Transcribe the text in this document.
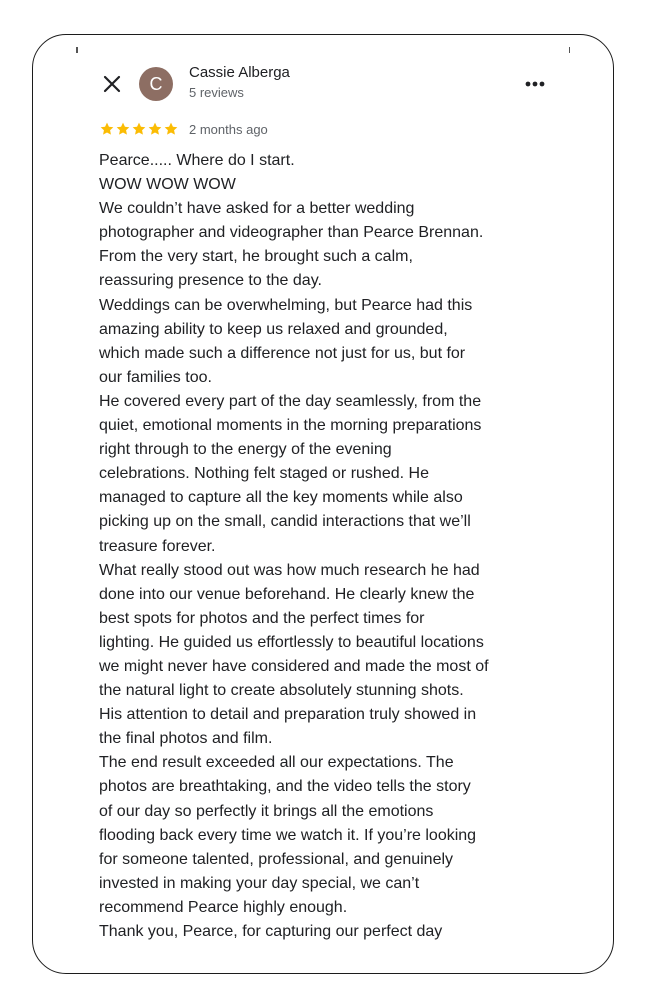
C
Cassie Alberga
5 reviews
2 months ago
Pearce..... Where do I start.
WOW WOW WOW
We couldn’t have asked for a better wedding
photographer and videographer than Pearce Brennan.
From the very start, he brought such a calm,
reassuring presence to the day.
Weddings can be overwhelming, but Pearce had this
amazing ability to keep us relaxed and grounded,
which made such a difference not just for us, but for
our families too.
He covered every part of the day seamlessly, from the
quiet, emotional moments in the morning preparations
right through to the energy of the evening
celebrations. Nothing felt staged or rushed. He
managed to capture all the key moments while also
picking up on the small, candid interactions that we’ll
treasure forever.
What really stood out was how much research he had
done into our venue beforehand. He clearly knew the
best spots for photos and the perfect times for
lighting. He guided us effortlessly to beautiful locations
we might never have considered and made the most of
the natural light to create absolutely stunning shots.
His attention to detail and preparation truly showed in
the final photos and film.
The end result exceeded all our expectations. The
photos are breathtaking, and the video tells the story
of our day so perfectly it brings all the emotions
flooding back every time we watch it. If you’re looking
for someone talented, professional, and genuinely
invested in making your day special, we can’t
recommend Pearce highly enough.
Thank you, Pearce, for capturing our perfect day
